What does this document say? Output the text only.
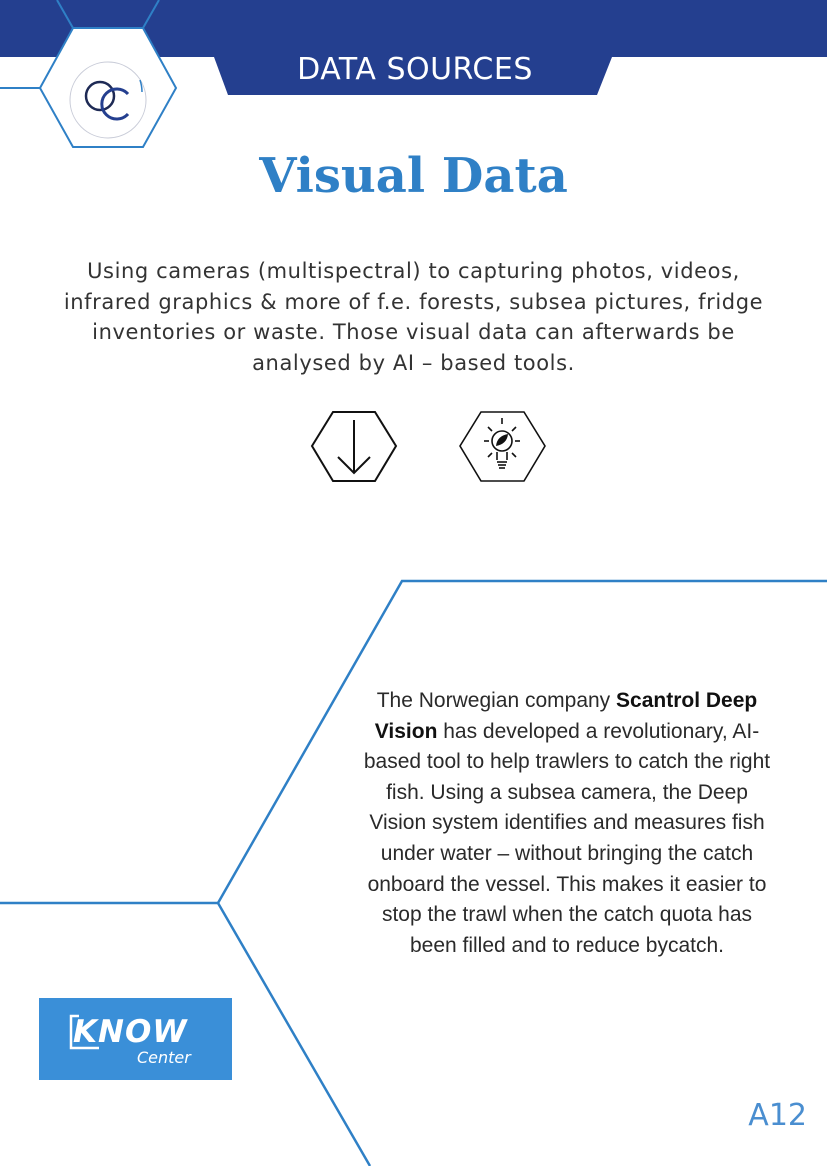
DATA SOURCES
Visual Data

Using cameras (multispectral) to capturing photos, videos, infrared graphics & more of f.e. forests, subsea pictures, fridge inventories or waste. Those visual data can afterwards be analysed by AI – based tools.

The Norwegian company Scantrol Deep Vision has developed a revolutionary, AI-based tool to help trawlers to catch the right fish. Using a subsea camera, the Deep Vision system identifies and measures fish under water – without bringing the catch onboard the vessel. This makes it easier to stop the trawl when the catch quota has been filled and to reduce bycatch.

KNOW
Center
A12
